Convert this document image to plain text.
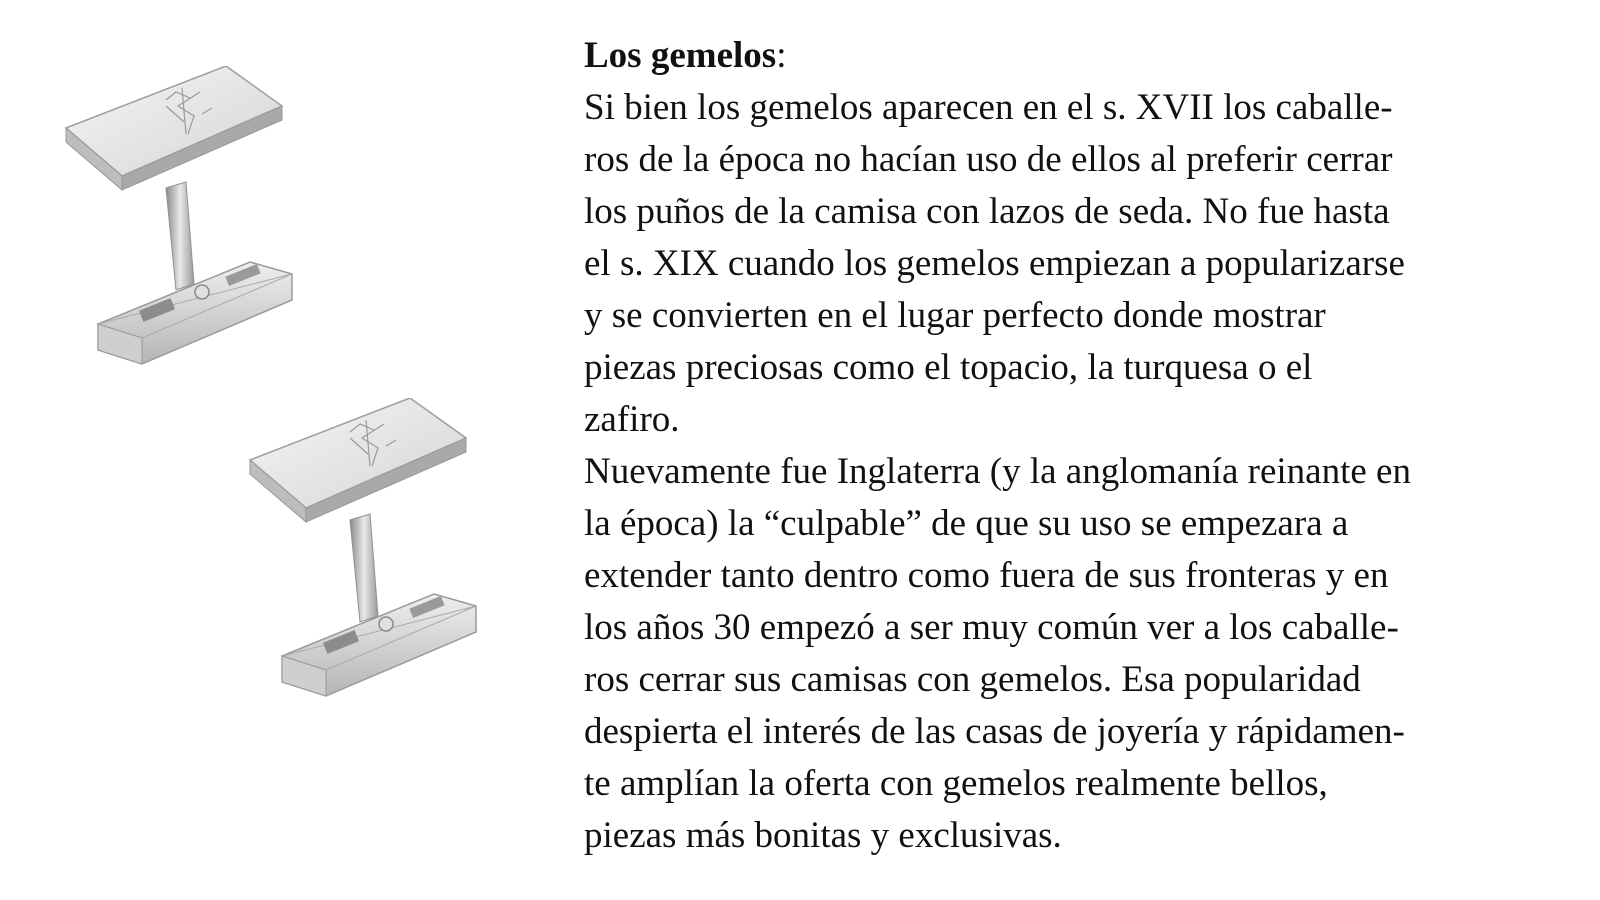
Los gemelos:
Si bien los gemelos aparecen en el s. XVII los caballe-
ros de la época no hacían uso de ellos al preferir cerrar
los puños de la camisa con lazos de seda. No fue hasta
el s. XIX cuando los gemelos empiezan a popularizarse
y se convierten en el lugar perfecto donde mostrar
piezas preciosas como el topacio, la turquesa o el
zafiro.
Nuevamente fue Inglaterra (y la anglomanía reinante en
la época) la “culpable” de que su uso se empezara a
extender tanto dentro como fuera de sus fronteras y en
los años 30 empezó a ser muy común ver a los caballe-
ros cerrar sus camisas con gemelos. Esa popularidad
despierta el interés de las casas de joyería y rápidamen-
te amplían la oferta con gemelos realmente bellos,
piezas más bonitas y exclusivas.
